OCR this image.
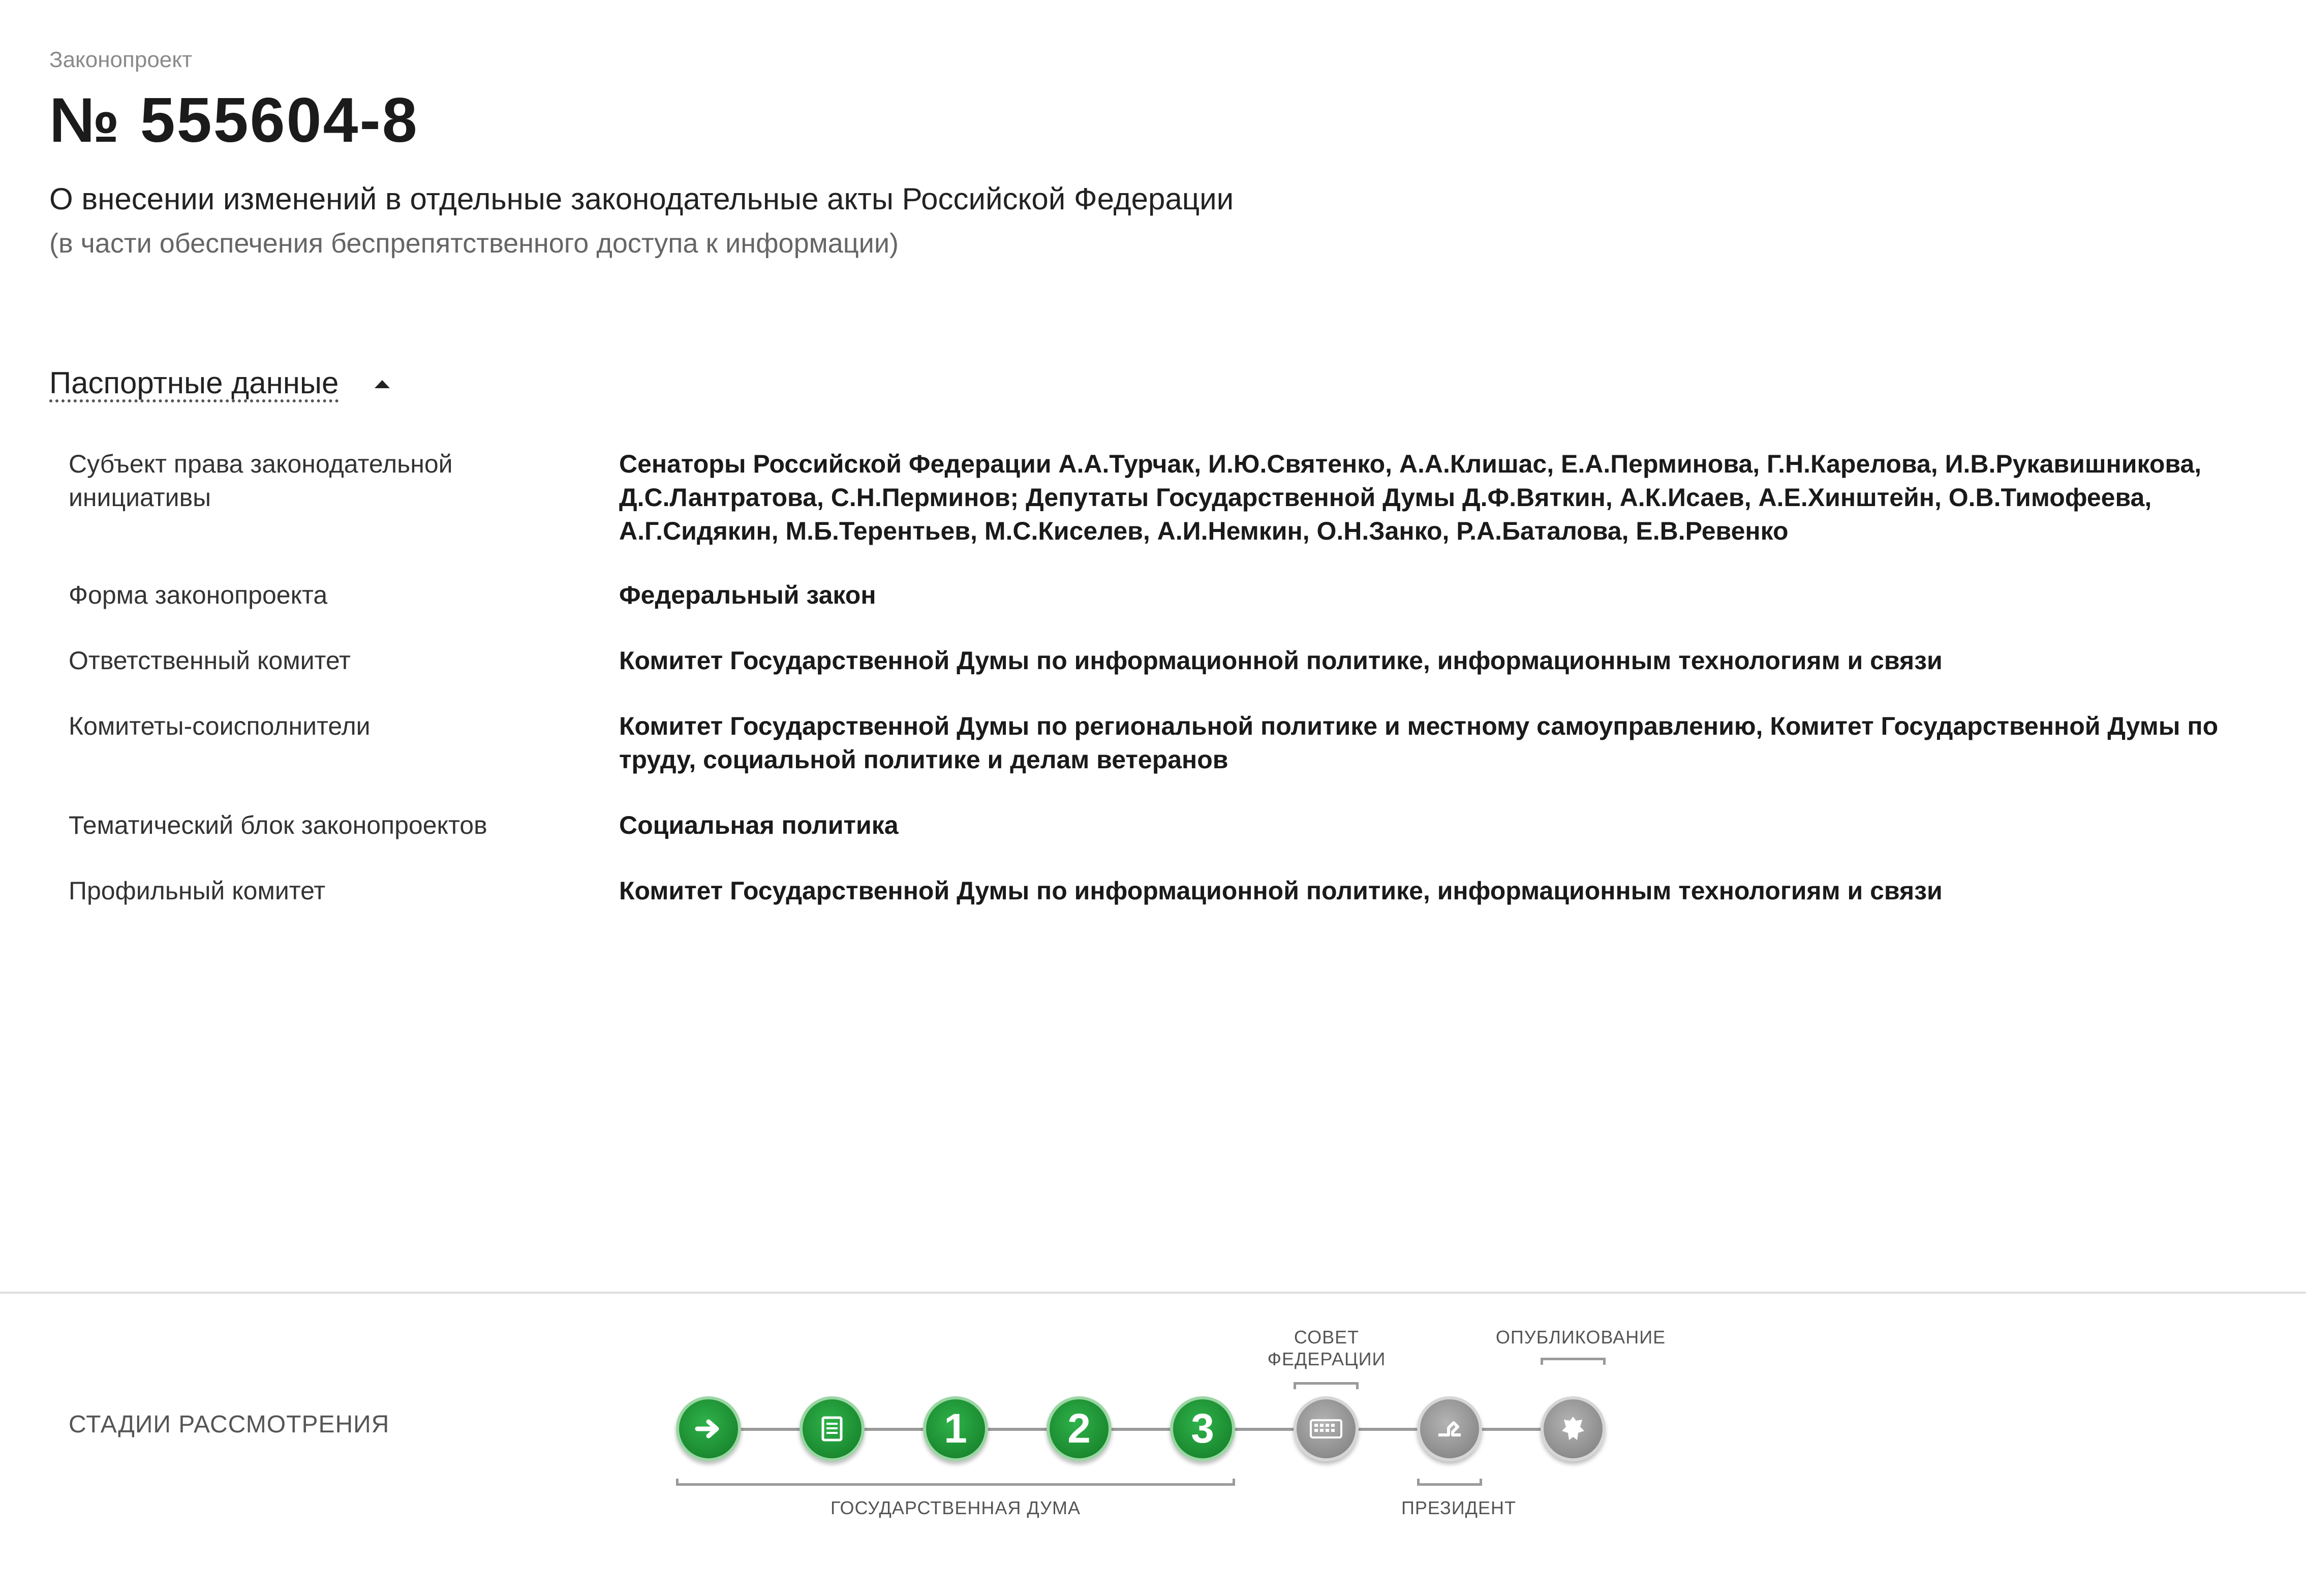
Законопроект
№ 555604-8
О внесении изменений в отдельные законодательные акты Российской Федерации
(в части обеспечения беспрепятственного доступа к информации)
Паспортные данные
Субъект права законодательной инициативы
Сенаторы Российской Федерации А.А.Турчак, И.Ю.Святенко, А.А.Клишас, Е.А.Перминова, Г.Н.Карелова, И.В.Рукавишникова, Д.С.Лантратова, С.Н.Перминов; Депутаты Государственной Думы Д.Ф.Вяткин, А.К.Исаев, А.Е.Хинштейн, О.В.Тимофеева, А.Г.Сидякин, М.Б.Терентьев, М.С.Киселев, А.И.Немкин, О.Н.Занко, Р.А.Баталова, Е.В.Ревенко
Форма законопроекта	Федеральный закон
Ответственный комитет	Комитет Государственной Думы по информационной политике, информационным технологиям и связи
Комитеты-соисполнители	Комитет Государственной Думы по региональной политике и местному самоуправлению, Комитет Государственной Думы по труду, социальной политике и делам ветеранов
Тематический блок законопроектов	Социальная политика
Профильный комитет	Комитет Государственной Думы по информационной политике, информационным технологиям и связи
СТАДИИ РАССМОТРЕНИЯ	1 2 3
ГОСУДАРСТВЕННАЯ ДУМА
СОВЕТ ФЕДЕРАЦИИ
ПРЕЗИДЕНТ
ОПУБЛИКОВАНИЕ
